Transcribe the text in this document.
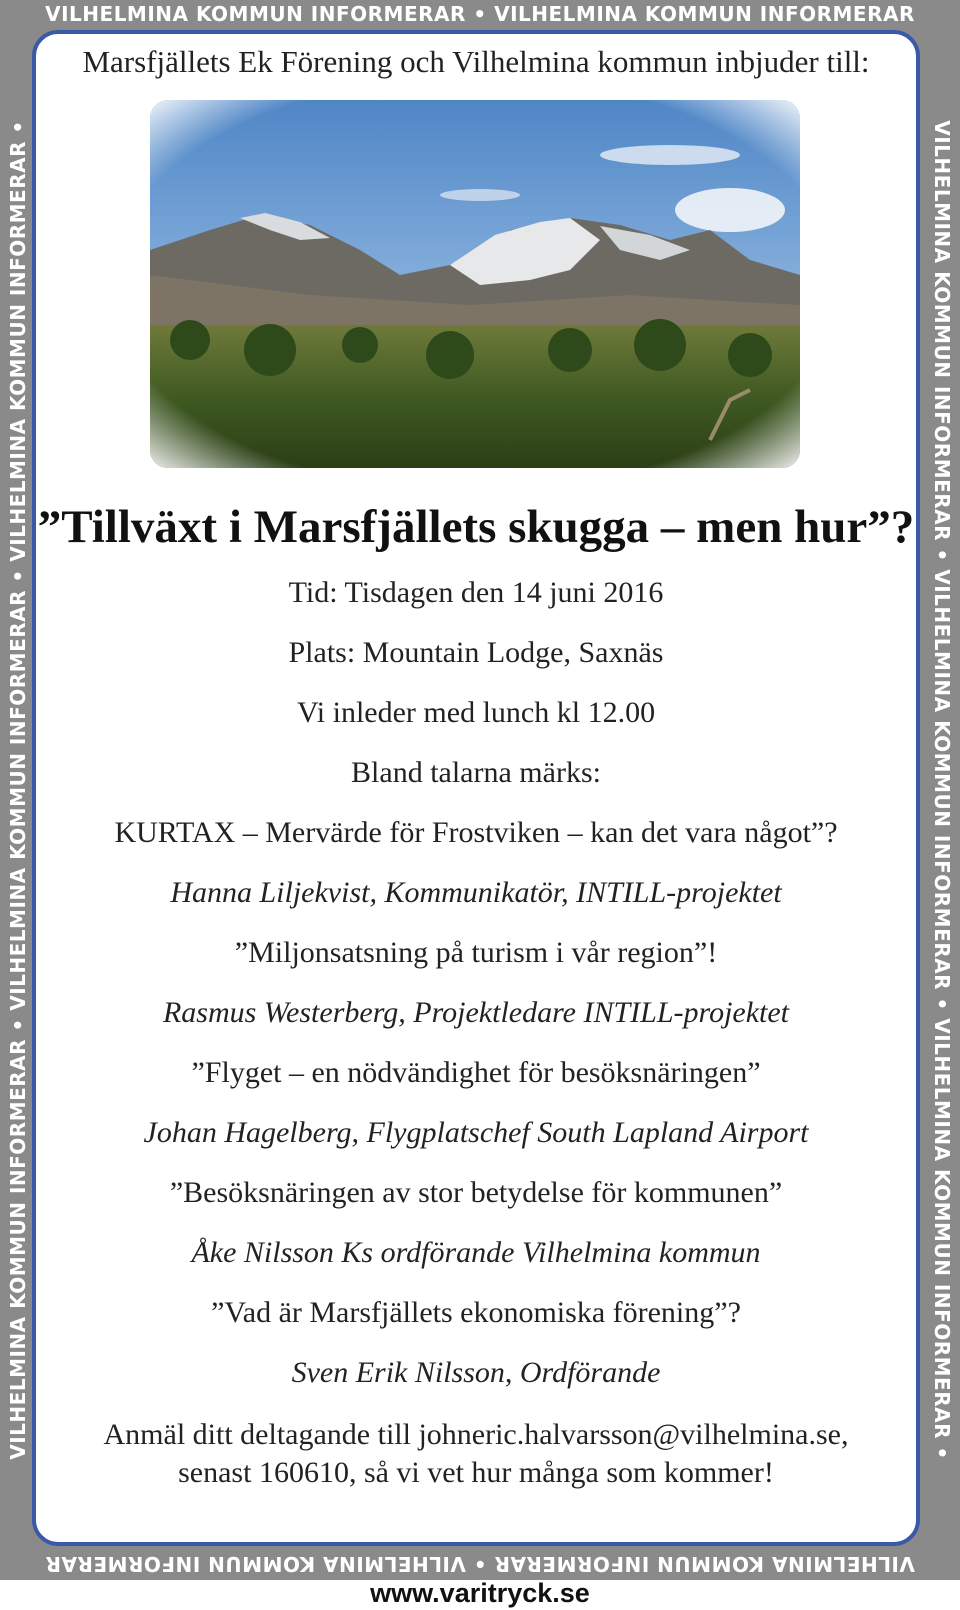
VILHELMINA KOMMUN INFORMERAR • VILHELMINA KOMMUN INFORMERAR
VILHELMINA KOMMUN INFORMERAR • VILHELMINA KOMMUN INFORMERAR
VILHELMINA KOMMUN INFORMERAR • VILHELMINA KOMMUN INFORMERAR • VILHELMINA KOMMUN INFORMERAR •	VILHELMINA KOMMUN INFORMERAR • VILHELMINA KOMMUN INFORMERAR • VILHELMINA KOMMUN INFORMERAR •
Marsfjällets Ek Förening och Vilhelmina kommun inbjuder till:
”Tillväxt i Marsfjällets skugga – men hur”?
Tid: Tisdagen den 14 juni 2016
Plats: Mountain Lodge, Saxnäs
Vi inleder med lunch kl 12.00
Bland talarna märks:
KURTAX – Mervärde för Frostviken – kan det vara något”?
Hanna Liljekvist, Kommunikatör, INTILL-projektet
”Miljonsatsning på turism i vår region”!
Rasmus Westerberg, Projektledare INTILL-projektet
”Flyget – en nödvändighet för besöksnäringen”
Johan Hagelberg, Flygplatschef South Lapland Airport
”Besöksnäringen av stor betydelse för kommunen”
Åke Nilsson Ks ordförande Vilhelmina kommun
”Vad är Marsfjällets ekonomiska förening”?
Sven Erik Nilsson, Ordförande
Anmäl ditt deltagande till johneric.halvarsson@vilhelmina.se,
senast 160610, så vi vet hur många som kommer!
www.varitryck.se
